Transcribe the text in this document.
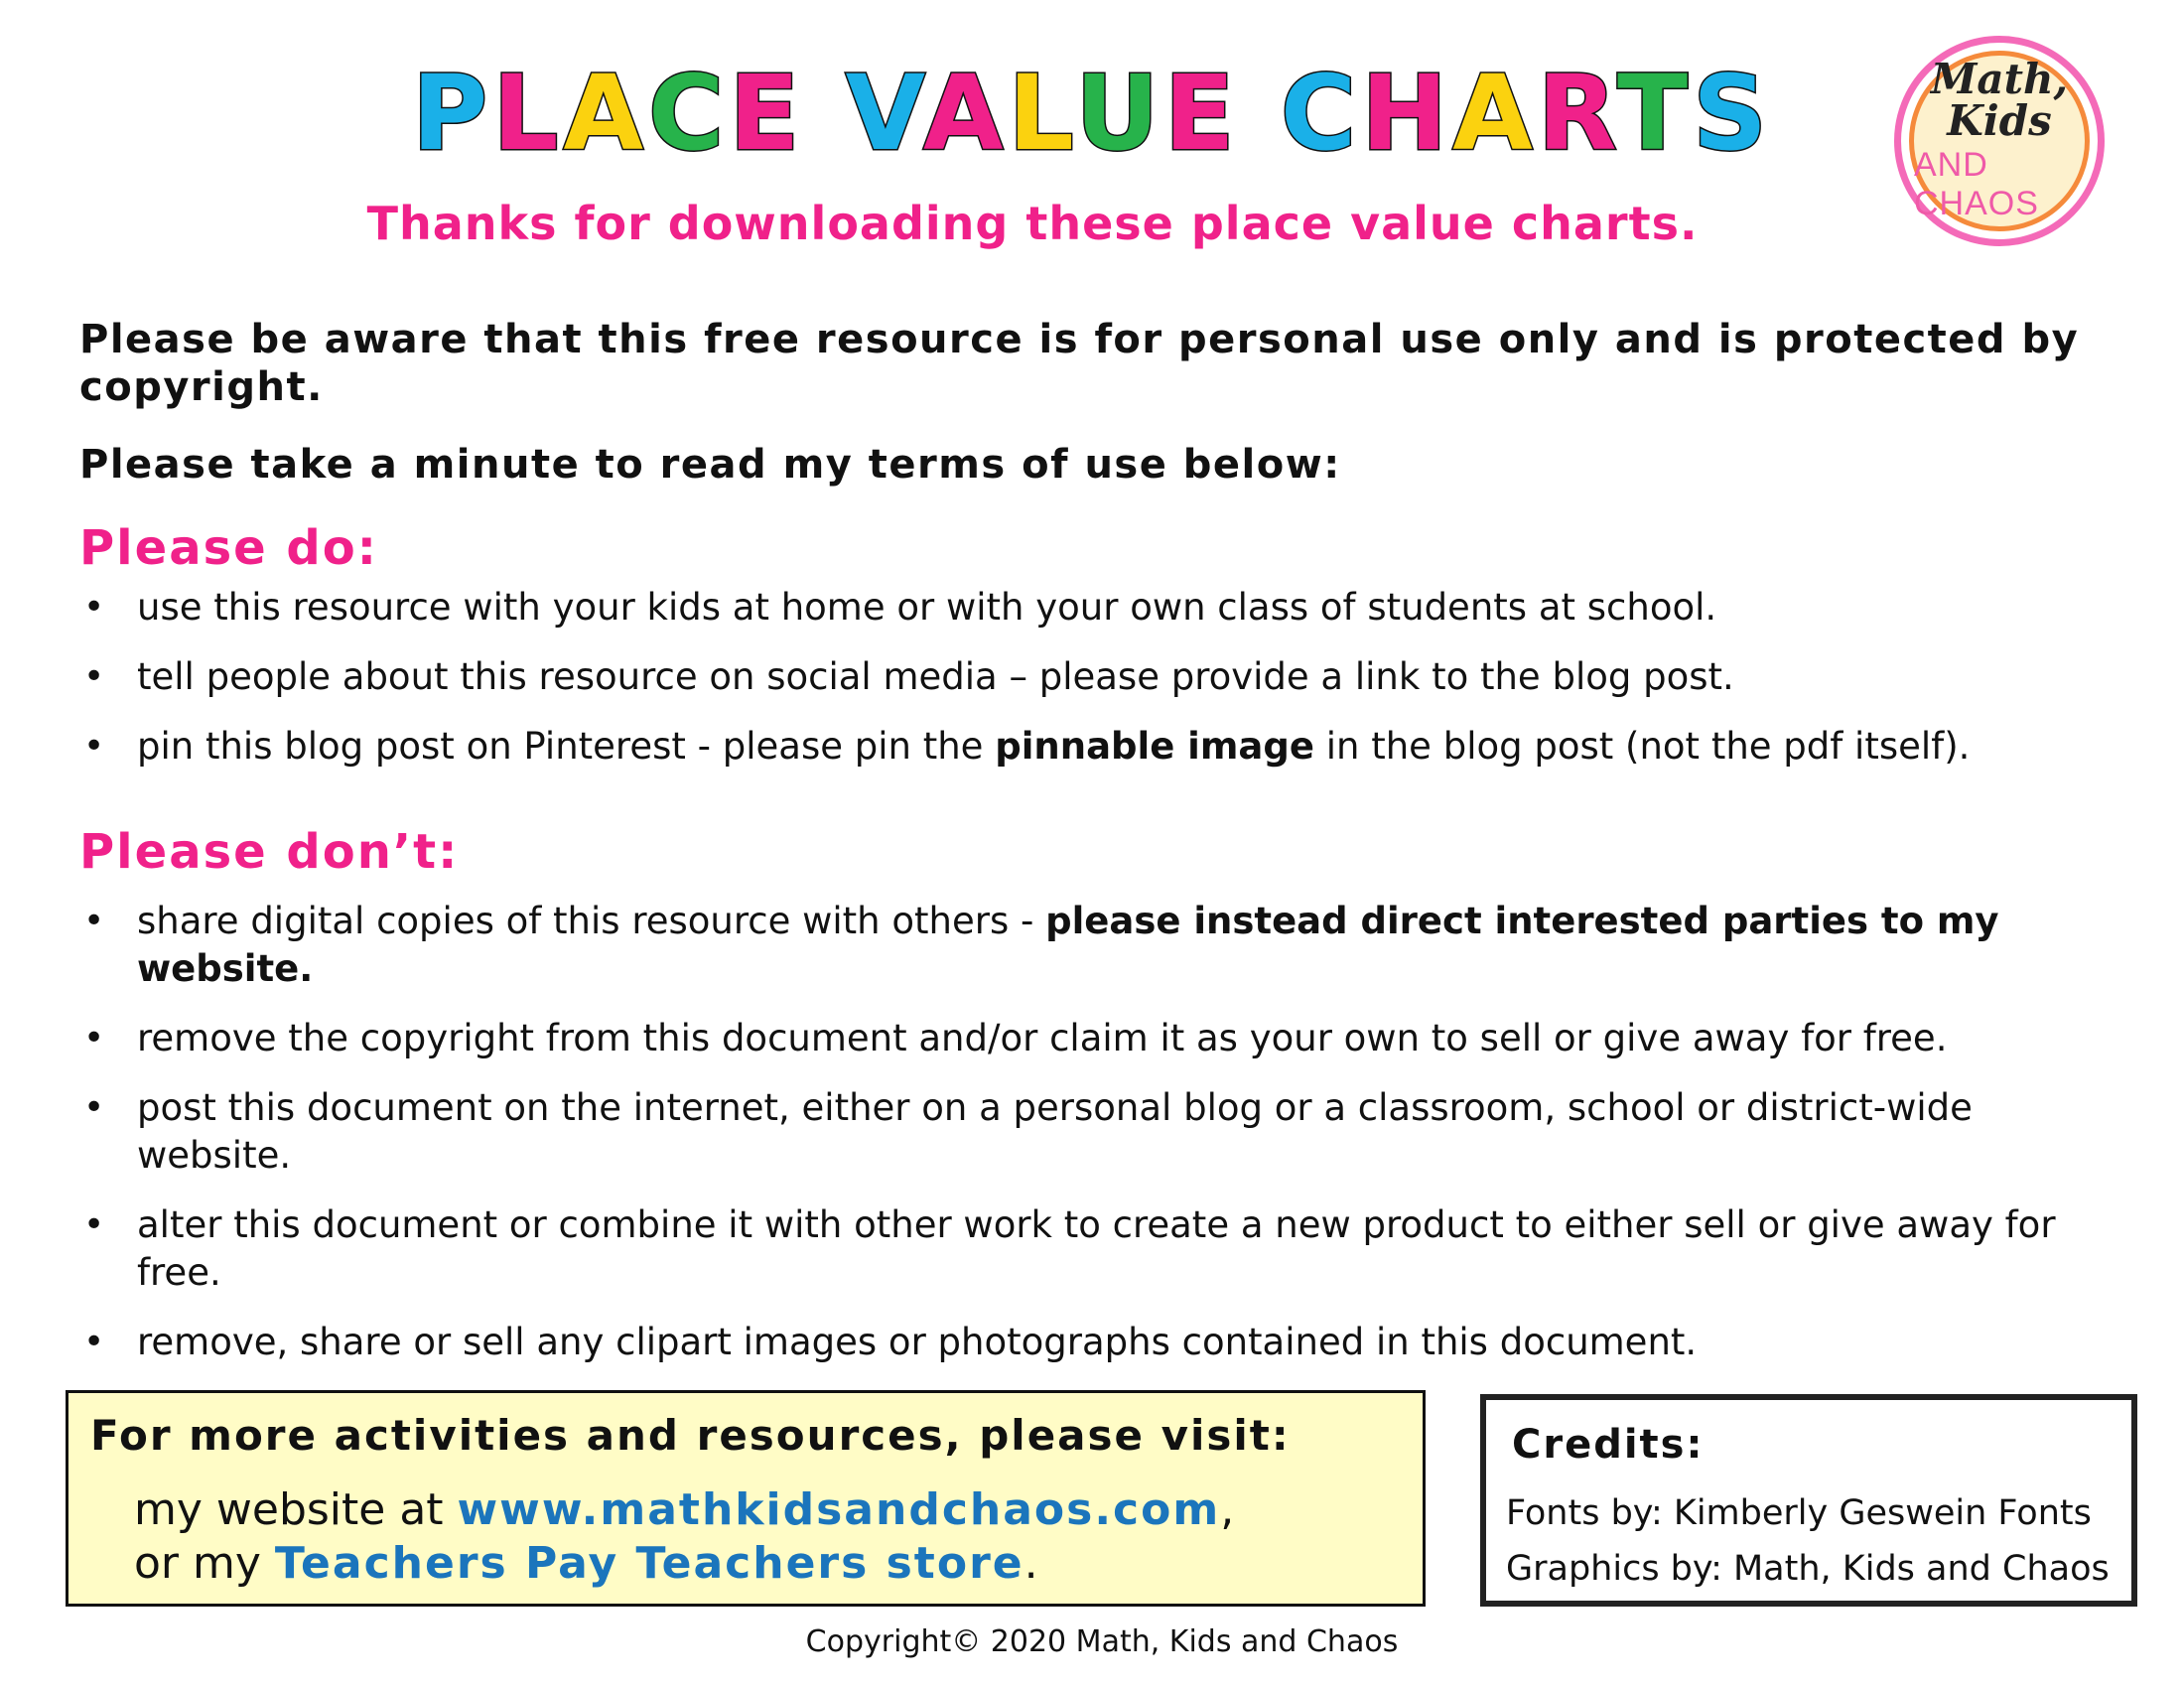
PLACE VALUE CHARTS
Thanks for downloading these place value charts.
Math,
Kids
AND CHAOS
Please be aware that this free resource is for personal use only and is protected by copyright.
Please take a minute to read my terms of use below:
Please do:
• use this resource with your kids at home or with your own class of students at school.
• tell people about this resource on social media – please provide a link to the blog post.
• pin this blog post on Pinterest - please pin the pinnable image in the blog post (not the pdf itself).
Please don’t:
• share digital copies of this resource with others - please instead direct interested parties to my website.
• remove the copyright from this document and/or claim it as your own to sell or give away for free.
• post this document on the internet, either on a personal blog or a classroom, school or district-wide website.
• alter this document or combine it with other work to create a new product to either sell or give away for free.
• remove, share or sell any clipart images or photographs contained in this document.
For more activities and resources, please visit:
my website at www.mathkidsandchaos.com,
or my Teachers Pay Teachers store.
Credits:
Fonts by: Kimberly Geswein Fonts
Graphics by: Math, Kids and Chaos
Copyright© 2020 Math, Kids and Chaos
